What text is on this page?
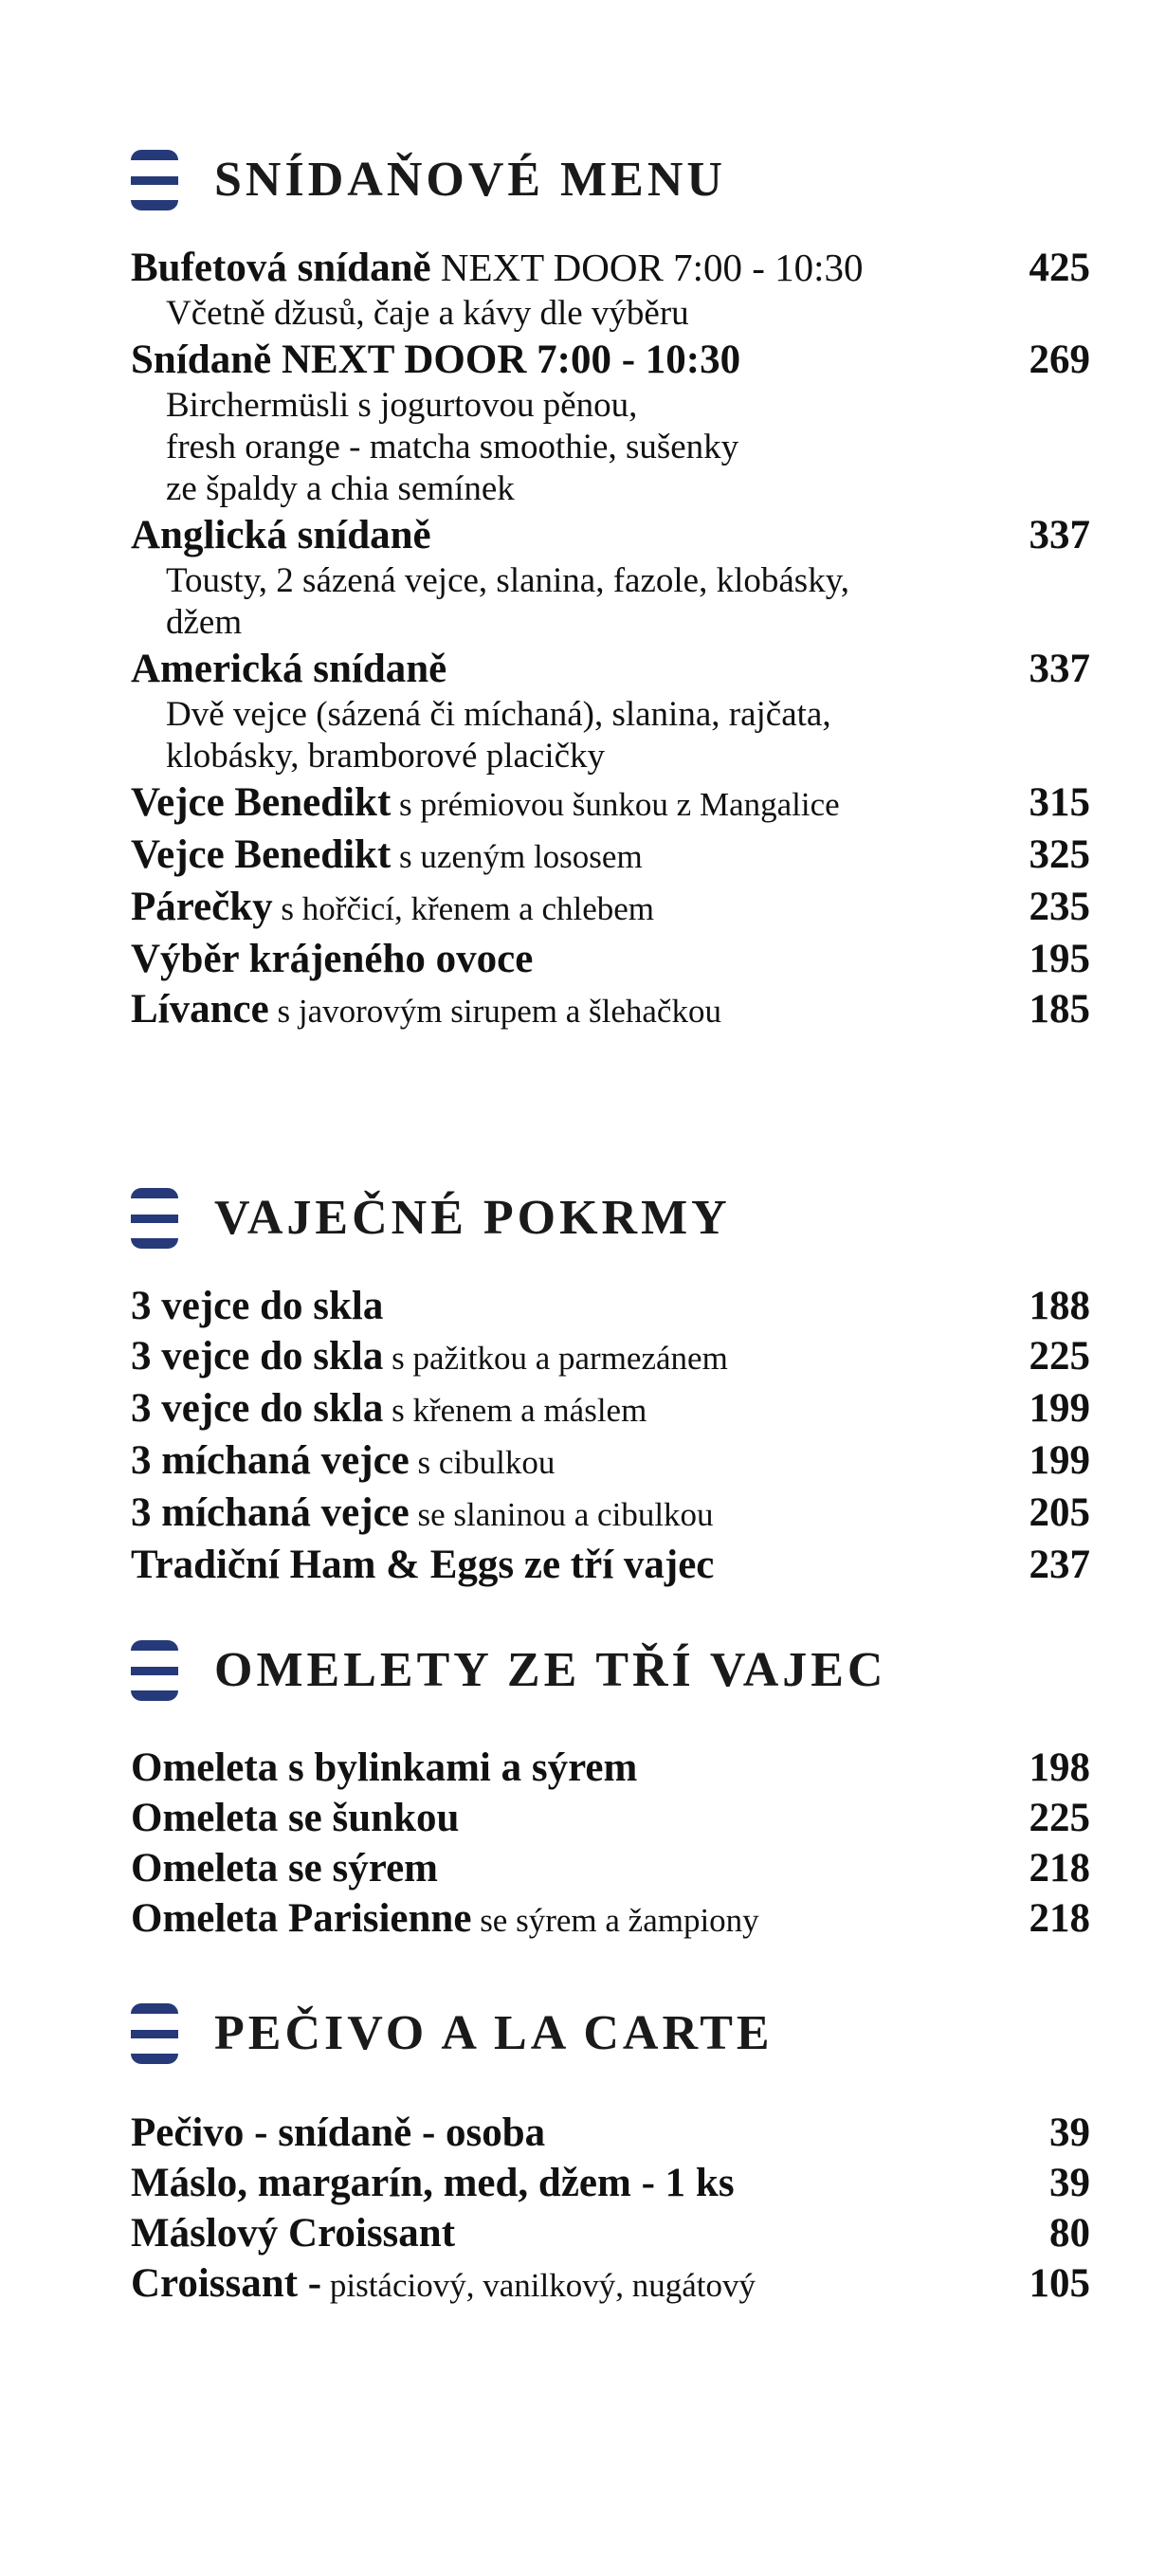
SNÍDAŇOVÉ MENU
Bufetová snídaně NEXT DOOR 7:00 - 10:30	425
Včetně džusů, čaje a kávy dle výběru
Snídaně NEXT DOOR 7:00 - 10:30	269
Birchermüsli s jogurtovou pěnou,
fresh orange - matcha smoothie, sušenky
ze špaldy a chia semínek
Anglická snídaně	337
Tousty, 2 sázená vejce, slanina, fazole, klobásky,
džem
Americká snídaně	337
Dvě vejce (sázená či míchaná), slanina, rajčata,
klobásky, bramborové placičky
Vejce Benedikt s prémiovou šunkou z Mangalice	315
Vejce Benedikt s uzeným lososem	325
Párečky s hořčicí, křenem a chlebem	235
Výběr krájeného ovoce	195
Lívance s javorovým sirupem a šlehačkou	185
VAJEČNÉ POKRMY
3 vejce do skla	188
3 vejce do skla s pažitkou a parmezánem	225
3 vejce do skla s křenem a máslem	199
3 míchaná vejce s cibulkou	199
3 míchaná vejce se slaninou a cibulkou	205
Tradiční Ham & Eggs ze tří vajec	237
OMELETY ZE TŘÍ VAJEC
Omeleta s bylinkami a sýrem	198
Omeleta se šunkou	225
Omeleta se sýrem	218
Omeleta Parisienne se sýrem a žampiony	218
PEČIVO A LA CARTE
Pečivo - snídaně - osoba	39
Máslo, margarín, med, džem - 1 ks	39
Máslový Croissant	80
Croissant - pistáciový, vanilkový, nugátový	105
